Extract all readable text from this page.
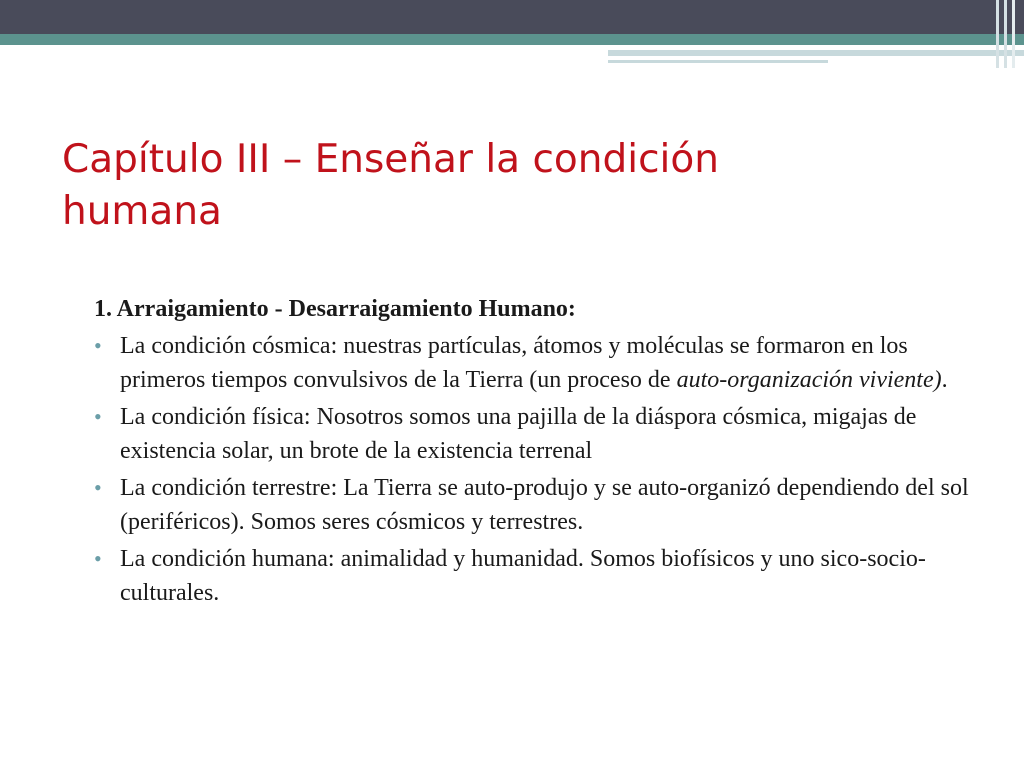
Capítulo III – Enseñar la condición
humana

1. Arraigamiento - Desarraigamiento Humano:

• La condición cósmica: nuestras partículas, átomos y moléculas se formaron en los primeros tiempos convulsivos de la Tierra (un proceso de auto-organización viviente).
• La condición física: Nosotros somos una pajilla de la diáspora cósmica, migajas de existencia solar, un brote de la existencia terrenal
• La condición terrestre: La Tierra se auto-produjo y se auto-organizó dependiendo del sol (periféricos). Somos seres cósmicos y terrestres.
• La condición humana: animalidad y humanidad. Somos biofísicos y uno sico-socio-culturales.
